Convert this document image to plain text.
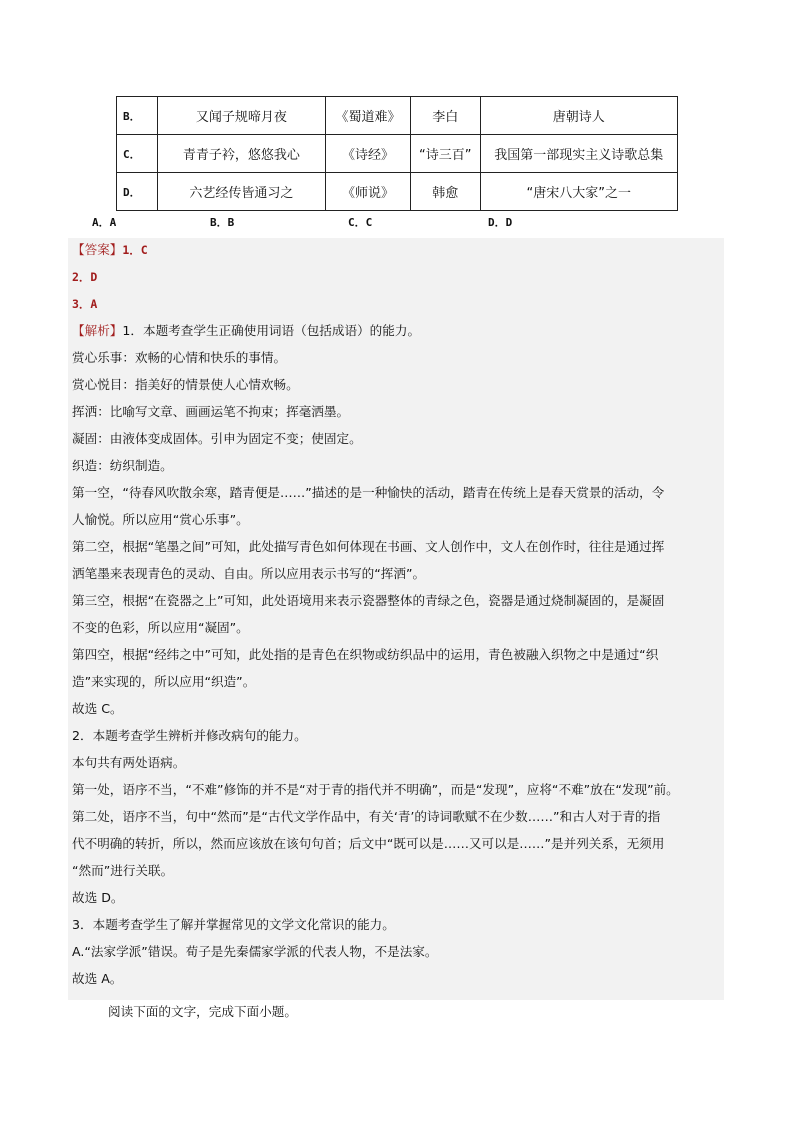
B．	又闻子规啼月夜	《蜀道难》	李白	唐朝诗人
C．	青青子衿，悠悠我心	《诗经》	“诗三百”	我国第一部现实主义诗歌总集
D．	六艺经传皆通习之	《师说》	韩愈	“唐宋八大家”之一
A．A	B．B	C．C	D．D
【答案】1．C
2．D
3．A
【解析】1．本题考查学生正确使用词语（包括成语）的能力。
赏心乐事：欢畅的心情和快乐的事情。
赏心悦目：指美好的情景使人心情欢畅。
挥洒：比喻写文章、画画运笔不拘束；挥毫洒墨。
凝固：由液体变成固体。引申为固定不变；使固定。
织造：纺织制造。
第一空，“待春风吹散余寒，踏青便是……”描述的是一种愉快的活动，踏青在传统上是春天赏景的活动，令
人愉悦。所以应用“赏心乐事”。
第二空，根据“笔墨之间”可知，此处描写青色如何体现在书画、文人创作中，文人在创作时，往往是通过挥
洒笔墨来表现青色的灵动、自由。所以应用表示书写的“挥洒”。
第三空，根据“在瓷器之上”可知，此处语境用来表示瓷器整体的青绿之色，瓷器是通过烧制凝固的，是凝固
不变的色彩，所以应用“凝固”。
第四空，根据“经纬之中”可知，此处指的是青色在织物或纺织品中的运用，青色被融入织物之中是通过“织
造”来实现的，所以应用“织造”。
故选 C。
2．本题考查学生辨析并修改病句的能力。
本句共有两处语病。
第一处，语序不当，“不难”修饰的并不是“对于青的指代并不明确”，而是“发现”，应将“不难”放在“发现”前。
第二处，语序不当，句中“然而”是“古代文学作品中，有关‘青’的诗词歌赋不在少数……”和古人对于青的指
代不明确的转折，所以，然而应该放在该句句首；后文中“既可以是……又可以是……”是并列关系，无须用
“然而”进行关联。
故选 D。
3．本题考查学生了解并掌握常见的文学文化常识的能力。
A.“法家学派”错误。荀子是先秦儒家学派的代表人物，不是法家。
故选 A。
阅读下面的文字，完成下面小题。
